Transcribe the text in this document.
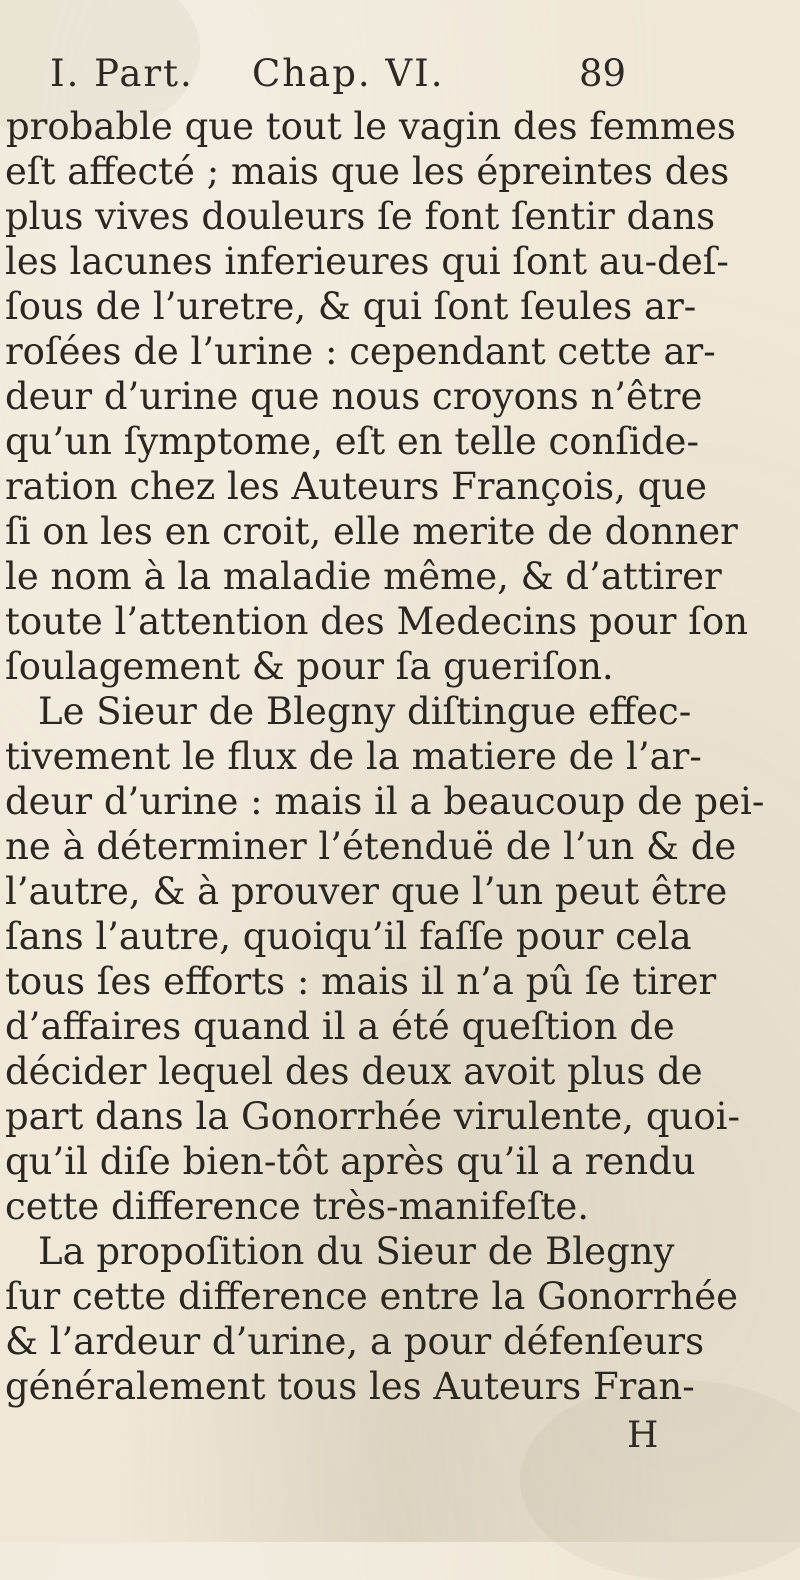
I. Part. Chap. VI.	89
probable que tout le vagin des femmes
eſt affecté ; mais que les épreintes des
plus vives douleurs ſe font ſentir dans
les lacunes inferieures qui ſont au-deſ-
ſous de l’uretre, & qui ſont ſeules ar-
roſées de l’urine : cependant cette ar-
deur d’urine que nous croyons n’être
qu’un ſymptome, eſt en telle conſide-
ration chez les Auteurs François, que
ſi on les en croit, elle merite de donner
le nom à la maladie même, & d’attirer
toute l’attention des Medecins pour ſon
ſoulagement & pour ſa gueriſon.
Le Sieur de Blegny diſtingue effec-
tivement le flux de la matiere de l’ar-
deur d’urine : mais il a beaucoup de pei-
ne à déterminer l’étenduë de l’un & de
l’autre, & à prouver que l’un peut être
ſans l’autre, quoiqu’il faſſe pour cela
tous ſes efforts : mais il n’a pû ſe tirer
d’affaires quand il a été queſtion de
décider lequel des deux avoit plus de
part dans la Gonorrhée virulente, quoi-
qu’il diſe bien-tôt après qu’il a rendu
cette difference très-manifeſte.
La propoſition du Sieur de Blegny
ſur cette difference entre la Gonorrhée
& l’ardeur d’urine, a pour défenſeurs
généralement tous les Auteurs Fran-
H
